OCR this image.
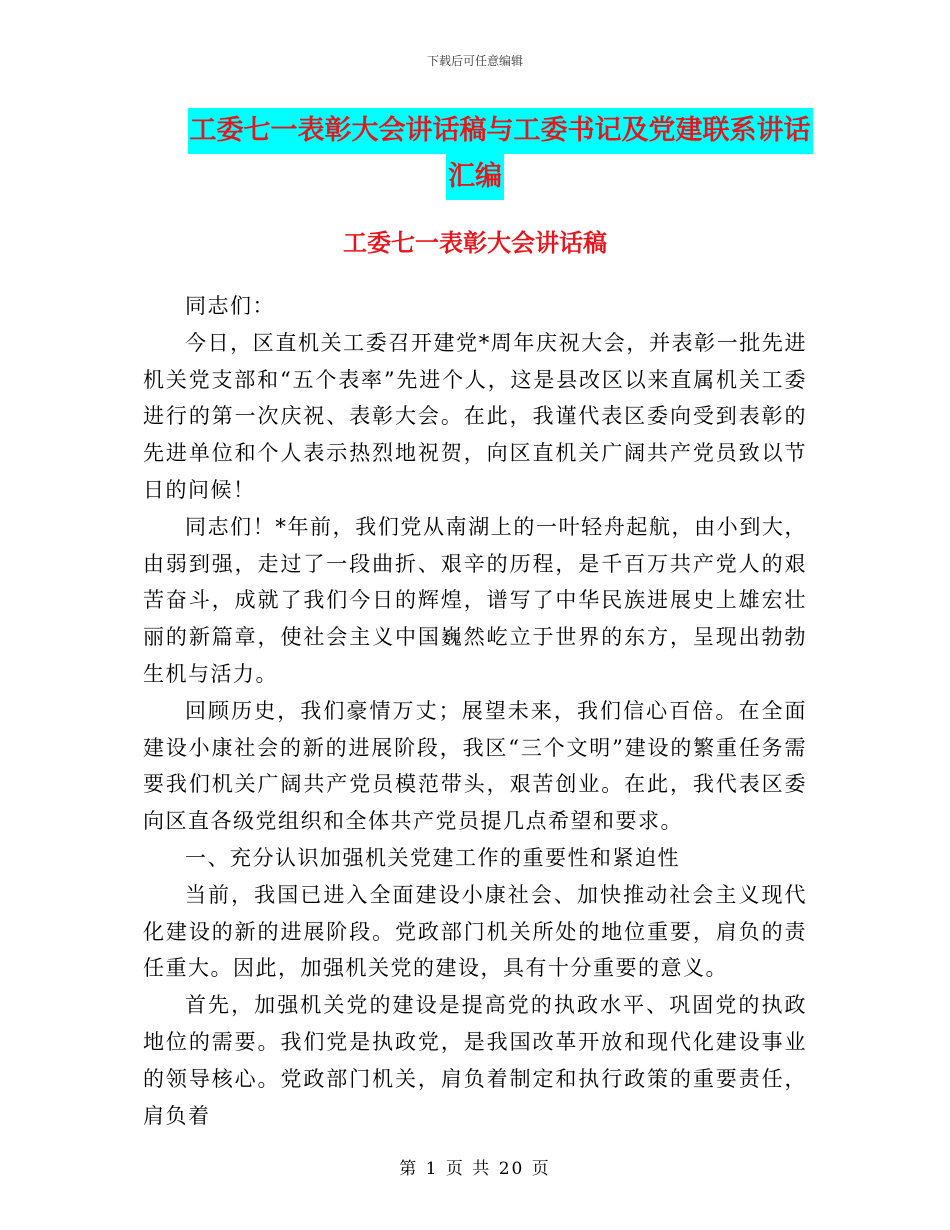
下载后可任意编辑
工委七一表彰大会讲话稿与工委书记及党建联系讲话
汇编
工委七一表彰大会讲话稿

同志们：

今日，区直机关工委召开建党*周年庆祝大会，并表彰一批先进机关党支部和“五个表率”先进个人，这是县改区以来直属机关工委进行的第一次庆祝、表彰大会。在此，我谨代表区委向受到表彰的先进单位和个人表示热烈地祝贺，向区直机关广阔共产党员致以节日的问候！

同志们！*年前，我们党从南湖上的一叶轻舟起航，由小到大，由弱到强，走过了一段曲折、艰辛的历程，是千百万共产党人的艰苦奋斗，成就了我们今日的辉煌，谱写了中华民族进展史上雄宏壮丽的新篇章，使社会主义中国巍然屹立于世界的东方，呈现出勃勃生机与活力。

回顾历史，我们豪情万丈；展望未来，我们信心百倍。在全面建设小康社会的新的进展阶段，我区“三个文明”建设的繁重任务需要我们机关广阔共产党员模范带头，艰苦创业。在此，我代表区委向区直各级党组织和全体共产党员提几点希望和要求。

一、充分认识加强机关党建工作的重要性和紧迫性

当前，我国已进入全面建设小康社会、加快推动社会主义现代化建设的新的进展阶段。党政部门机关所处的地位重要，肩负的责任重大。因此，加强机关党的建设，具有十分重要的意义。

首先，加强机关党的建设是提高党的执政水平、巩固党的执政地位的需要。我们党是执政党，是我国改革开放和现代化建设事业的领导核心。党政部门机关，肩负着制定和执行政策的重要责任，肩负着

第 1 页 共 20 页
